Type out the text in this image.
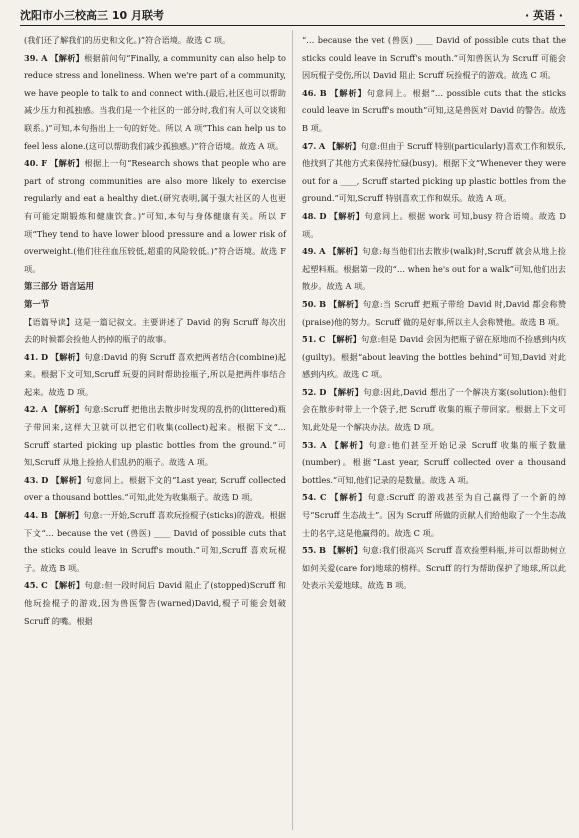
沈阳市小三校高三 10 月联考	· 英语 ·

(我们还了解我们的历史和文化。)”符合语境。故选 C 项。

39. A 【解析】根据前问句“Finally, a community can also help to reduce stress and loneliness. When we're part of a community, we have people to talk to and connect with.(最后,社区也可以帮助减少压力和孤独感。当我们是一个社区的一部分时,我们有人可以交谈和联系。)”可知,本句指出上一句的好处。所以 A 项“This can help us to feel less alone.(这可以帮助我们减少孤独感。)”符合语境。故选 A 项。

40. F 【解析】根据上一句“Research shows that people who are part of strong communities are also more likely to exercise regularly and eat a healthy diet.(研究表明,属于强大社区的人也更有可能定期锻炼和健康饮食。)”可知,本句与身体健康有关。所以 F 项“They tend to have lower blood pressure and a lower risk of overweight.(他们往往血压较低,超重的风险较低。)”符合语境。故选 F 项。

第三部分 语言运用

第一节

【语篇导读】这是一篇记叙文。主要讲述了 David 的狗 Scruff 每次出去的时候都会捡他人扔掉的瓶子的故事。

41. D 【解析】句意:David 的狗 Scruff 喜欢把两者结合(combine)起来。根据下文可知,Scruff 玩耍的同时帮助捡瓶子,所以是把两件事结合起来。故选 D 项。

42. A 【解析】句意:Scruff 把他出去散步时发现的乱扔的(littered)瓶子带回来,这样大卫就可以把它们收集(collect)起来。根据下文“… Scruff started picking up plastic bottles from the ground.”可知,Scruff 从地上捡拾人们乱扔的瓶子。故选 A 项。

43. D 【解析】句意同上。根据下文的“Last year, Scruff collected over a thousand bottles.”可知,此处为收集瓶子。故选 D 项。

44. B 【解析】句意:一开始,Scruff 喜欢玩捡棍子(sticks)的游戏。根据下文“… because the vet (兽医) ____ David of possible cuts that the sticks could leave in Scruff's mouth.”可知,Scruff 喜欢玩棍子。故选 B 项。

45. C 【解析】句意:但一段时间后 David 阻止了(stopped)Scruff 和他玩捡棍子的游戏,因为兽医警告(warned)David,棍子可能会划破 Scruff 的嘴。根据

“… because the vet (兽医) ____ David of possible cuts that the sticks could leave in Scruff's mouth.”可知兽医认为 Scruff 可能会因玩棍子受伤,所以 David 阻止 Scruff 玩捡棍子的游戏。故选 C 项。

46. B 【解析】句意同上。根据“… possible cuts that the sticks could leave in Scruff's mouth”可知,这是兽医对 David 的警告。故选 B 项。

47. A 【解析】句意:但由于 Scruff 特别(particularly)喜欢工作和娱乐,他找到了其他方式来保持忙碌(busy)。根据下文“Whenever they were out for a ____, Scruff started picking up plastic bottles from the ground.”可知,Scruff 特别喜欢工作和娱乐。故选 A 项。

48. D 【解析】句意同上。根据 work 可知,busy 符合语境。故选 D 项。

49. A 【解析】句意:每当他们出去散步(walk)时,Scruff 就会从地上捡起塑料瓶。根据第一段的“… when he's out for a walk”可知,他们出去散步。故选 A 项。

50. B 【解析】句意:当 Scruff 把瓶子带给 David 时,David 都会称赞(praise)他的努力。Scruff 做的是好事,所以主人会称赞他。故选 B 项。

51. C 【解析】句意:但是 David 会因为把瓶子留在原地而不捡感到内疚(guilty)。根据“about leaving the bottles behind”可知,David 对此感到内疚。故选 C 项。

52. D 【解析】句意:因此,David 想出了一个解决方案(solution):他们会在散步时带上一个袋子,把 Scruff 收集的瓶子带回家。根据上下文可知,此处是一个解决办法。故选 D 项。

53. A 【解析】句意:他们甚至开始记录 Scruff 收集的瓶子数量(number)。根据“Last year, Scruff collected over a thousand bottles.”可知,他们记录的是数量。故选 A 项。

54. C 【解析】句意:Scruff 的游戏甚至为自己赢得了一个新的绰号“Scruff 生态战士”。因为 Scruff 所做的贡献人们给他取了一个生态战士的名字,这是他赢得的。故选 C 项。

55. B 【解析】句意:我们很高兴 Scruff 喜欢捡塑料瓶,并可以帮助树立如何关爱(care for)地球的榜样。Scruff 的行为帮助保护了地球,所以此处表示关爱地球。故选 B 项。
